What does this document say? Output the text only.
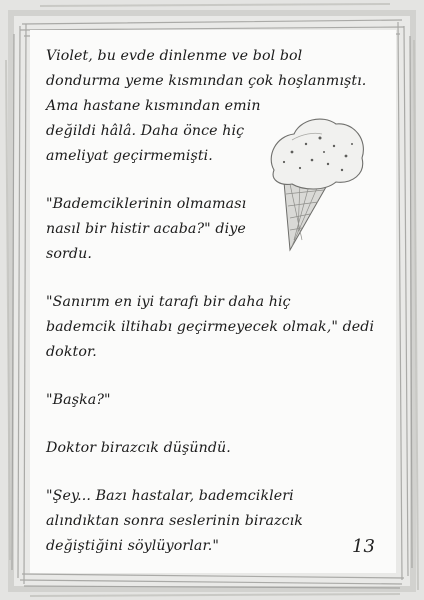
Violet, bu evde dinlenme ve bol bol
dondurma yeme kısmından çok hoşlanmıştı.
Ama hastane kısmından emin
değildi hâlâ. Daha önce hiç
ameliyat geçirmemişti.

"Bademciklerinin olmaması
nasıl bir histir acaba?" diye
sordu.

"Sanırım en iyi tarafı bir daha hiç
bademcik iltihabı geçirmeyecek olmak," dedi
doktor.

"Başka?"

Doktor birazcık düşündü.

"Şey... Bazı hastalar, bademcikleri
alındıktan sonra seslerinin birazcık
değiştiğini söylüyorlar."	13
